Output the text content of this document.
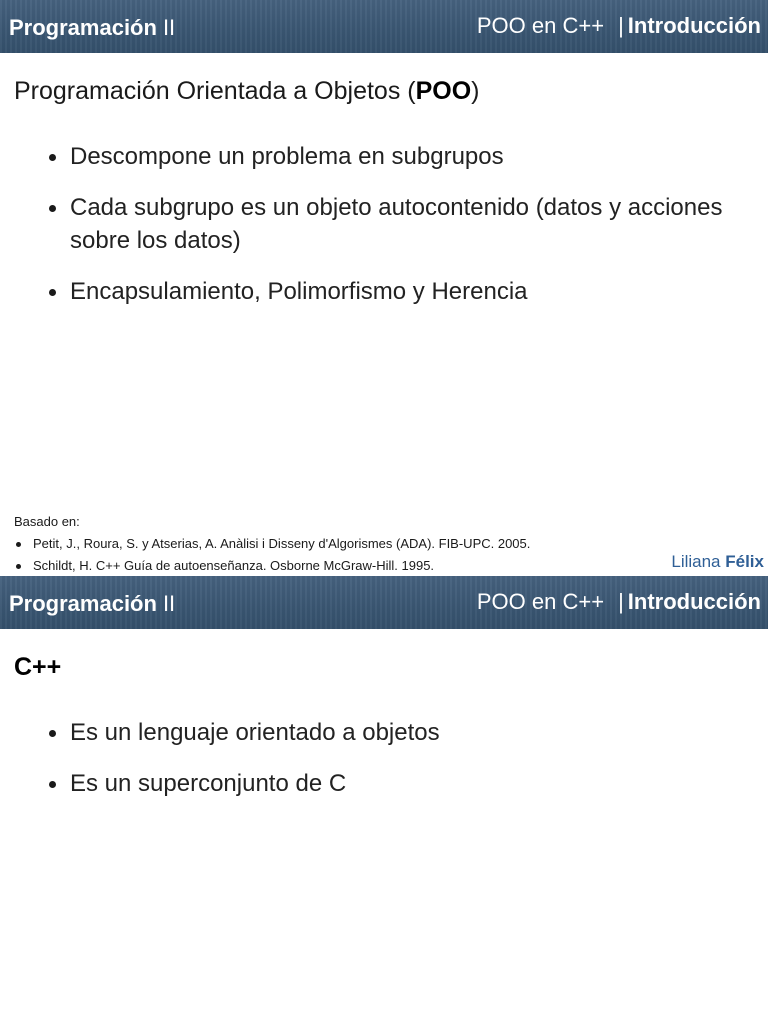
Programación II	POO en C++ | Introducción
Programación Orientada a Objetos (POO)
Descompone un problema en subgrupos
Cada subgrupo es un objeto autocontenido (datos y acciones sobre los datos)
Encapsulamiento, Polimorfismo y Herencia
Basado en:
Petit, J., Roura, S. y Atserias, A. Anàlisi i Disseny d'Algorismes (ADA). FIB-UPC. 2005.
Schildt, H. C++ Guía de autoenseñanza. Osborne McGraw-Hill. 1995.	Liliana Félix
Programación II	POO en C++ | Introducción
C++
Es un lenguaje orientado a objetos
Es un superconjunto de C
